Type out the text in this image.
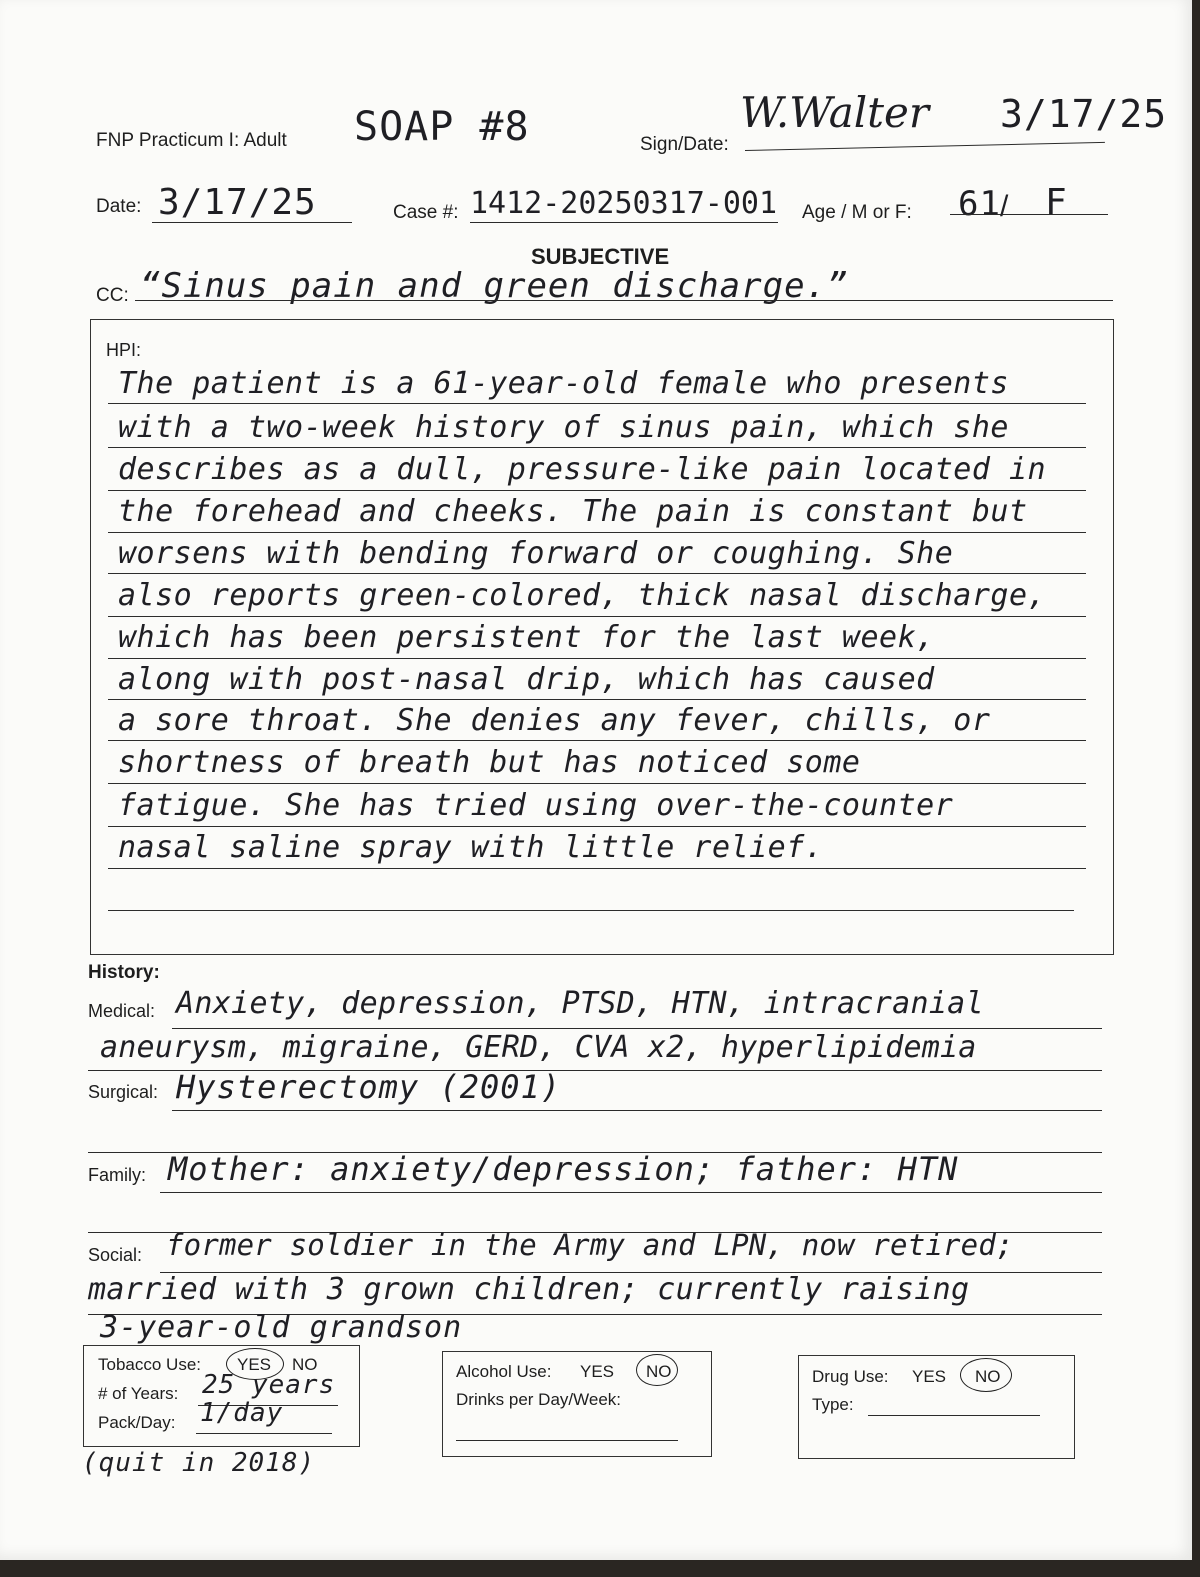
FNP Practicum I: Adult SOAP #8	Sign/Date:
W.Walter 3/17/25
Date: 3/17/25	Case #: 1412-20250317-001 Age / M or F: 61 / F
SUBJECTIVE
CC: “Sinus pain and green discharge.”
HPI:
The patient is a 61-year-old female who presents
with a two-week history of sinus pain, which she
describes as a dull, pressure-like pain located in
the forehead and cheeks. The pain is constant but
worsens with bending forward or coughing. She
also reports green-colored, thick nasal discharge,
which has been persistent for the last week,
along with post-nasal drip, which has caused
a sore throat. She denies any fever, chills, or
shortness of breath but has noticed some
fatigue. She has tried using over-the-counter
nasal saline spray with little relief.
History:
Medical: Anxiety, depression, PTSD, HTN, intracranial
aneurysm, migraine, GERD, CVA x2, hyperlipidemia
Surgical: Hysterectomy (2001)
Family: Mother: anxiety/depression; father: HTN
Social: former soldier in the Army and LPN, now retired;
married with 3 grown children; currently raising
3-year-old grandson
Tobacco Use: YES NO
# of Years: 25 years
Pack/Day: 1/day
(quit in 2018)
Alcohol Use: YES NO
Drinks per Day/Week:
Drug Use: YES NO
Type:
